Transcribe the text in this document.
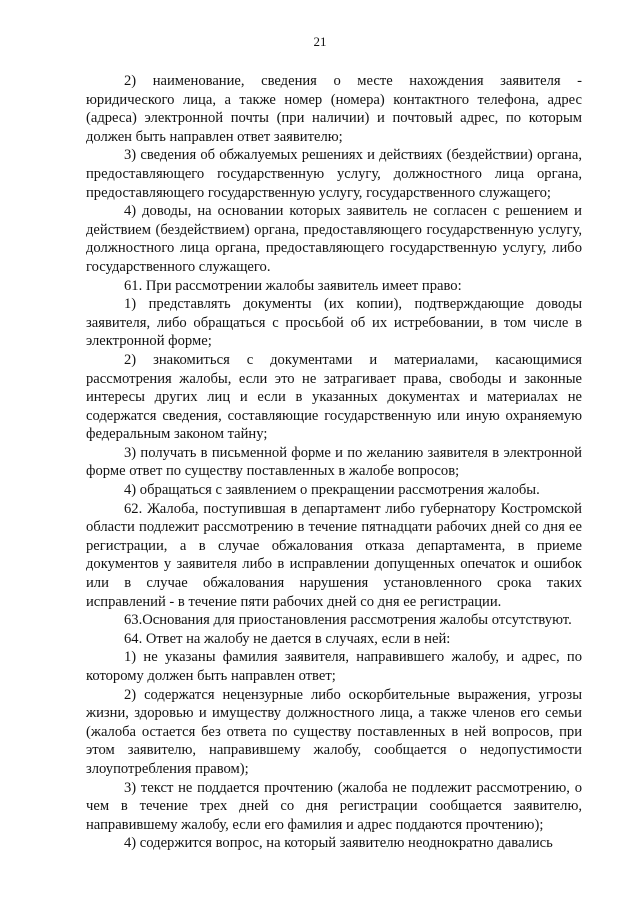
21

2) наименование, сведения о месте нахождения заявителя - юридического лица, а также номер (номера) контактного телефона, адрес (адреса) электронной почты (при наличии) и почтовый адрес, по которым должен быть направлен ответ заявителю;

3) сведения об обжалуемых решениях и действиях (бездействии) органа, предоставляющего государственную услугу, должностного лица органа, предоставляющего государственную услугу, государственного служащего;

4) доводы, на основании которых заявитель не согласен с решением и действием (бездействием) органа, предоставляющего государственную услугу, должностного лица органа, предоставляющего государственную услугу, либо государственного служащего.

61. При рассмотрении жалобы заявитель имеет право:

1) представлять документы (их копии), подтверждающие доводы заявителя, либо обращаться с просьбой об их истребовании, в том числе в электронной форме;

2) знакомиться с документами и материалами, касающимися рассмотрения жалобы, если это не затрагивает права, свободы и законные интересы других лиц и если в указанных документах и материалах не содержатся сведения, составляющие государственную или иную охраняемую федеральным законом тайну;

3) получать в письменной форме и по желанию заявителя в электронной форме ответ по существу поставленных в жалобе вопросов;

4) обращаться с заявлением о прекращении рассмотрения жалобы.

62. Жалоба, поступившая в департамент либо губернатору Костромской области подлежит рассмотрению в течение пятнадцати рабочих дней со дня ее регистрации, а в случае обжалования отказа департамента, в приеме документов у заявителя либо в исправлении допущенных опечаток и ошибок или в случае обжалования нарушения установленного срока таких исправлений - в течение пяти рабочих дней со дня ее регистрации.

63.Основания для приостановления рассмотрения жалобы отсутствуют.

64. Ответ на жалобу не дается в случаях, если в ней:

1) не указаны фамилия заявителя, направившего жалобу, и адрес, по которому должен быть направлен ответ;

2) содержатся нецензурные либо оскорбительные выражения, угрозы жизни, здоровью и имуществу должностного лица, а также членов его семьи (жалоба остается без ответа по существу поставленных в ней вопросов, при этом заявителю, направившему жалобу, сообщается о недопустимости злоупотребления правом);

3) текст не поддается прочтению (жалоба не подлежит рассмотрению, о чем в течение трех дней со дня регистрации сообщается заявителю, направившему жалобу, если его фамилия и адрес поддаются прочтению);

4) содержится вопрос, на который заявителю неоднократно давались
